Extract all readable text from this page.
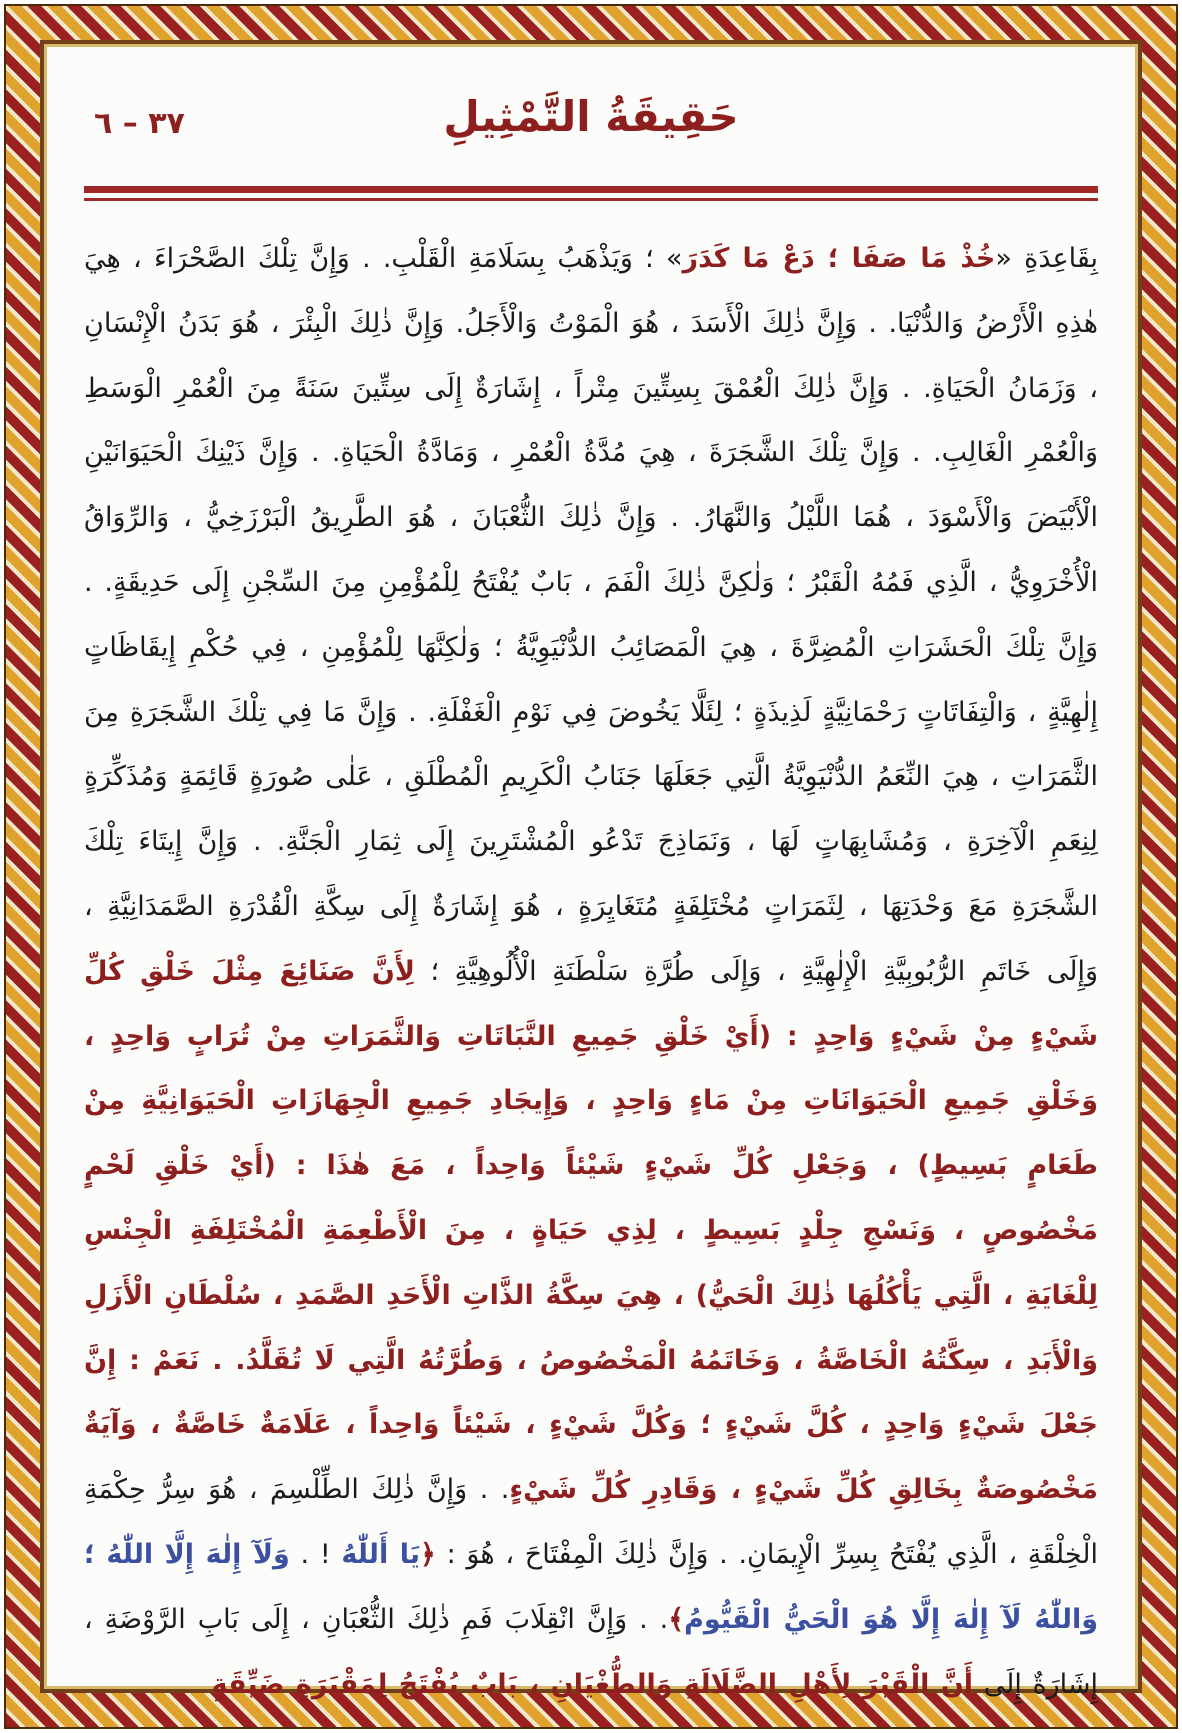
٣٧ – ٦	حَقِيقَةُ التَّمْثِيلِ
بِقَاعِدَةِ «خُذْ مَا صَفَا ؛ دَعْ مَا كَدَرَ» ؛ وَيَذْهَبُ بِسَلَامَةِ الْقَلْبِ. . وَإِنَّ تِلْكَ الصَّحْرَاءَ ، هِيَ هٰذِهِ الْأَرْضُ وَالدُّنْيَا. . وَإِنَّ ذٰلِكَ الْأَسَدَ ، هُوَ الْمَوْتُ وَالْأَجَلُ. وَإِنَّ ذٰلِكَ الْبِئْرَ ، هُوَ بَدَنُ الْإِنْسَانِ ، وَزَمَانُ الْحَيَاةِ. . وَإِنَّ ذٰلِكَ الْعُمْقَ بِسِتِّينَ مِتْراً ، إِشَارَةٌ إِلَى سِتِّينَ سَنَةً مِنَ الْعُمْرِ الْوَسَطِ وَالْعُمْرِ الْغَالِبِ. . وَإِنَّ تِلْكَ الشَّجَرَةَ ، هِيَ مُدَّةُ الْعُمْرِ ، وَمَادَّةُ الْحَيَاةِ. . وَإِنَّ ذَيْنِكَ الْحَيَوَانَيْنِ الْأَبْيَضَ وَالْأَسْوَدَ ، هُمَا اللَّيْلُ وَالنَّهَارُ. . وَإِنَّ ذٰلِكَ الثُّعْبَانَ ، هُوَ الطَّرِيقُ الْبَرْزَخِيُّ ، وَالرِّوَاقُ الْأُخْرَوِيُّ ، الَّذِي فَمُهُ الْقَبْرُ ؛ وَلٰكِنَّ ذٰلِكَ الْفَمَ ، بَابٌ يُفْتَحُ لِلْمُؤْمِنِ مِنَ السِّجْنِ إِلَى حَدِيقَةٍ. . وَإِنَّ تِلْكَ الْحَشَرَاتِ الْمُضِرَّةَ ، هِيَ الْمَصَائِبُ الدُّنْيَوِيَّةُ ؛ وَلٰكِنَّهَا لِلْمُؤْمِنِ ، فِي حُكْمِ إِيقَاظَاتٍ إِلٰهِيَّةٍ ، وَالْتِفَاتَاتٍ رَحْمَانِيَّةٍ لَذِيذَةٍ ؛ لِئَلَّا يَخُوضَ فِي نَوْمِ الْغَفْلَةِ. . وَإِنَّ مَا فِي تِلْكَ الشَّجَرَةِ مِنَ الثَّمَرَاتِ ، هِيَ النِّعَمُ الدُّنْيَوِيَّةُ الَّتِي جَعَلَهَا جَنَابُ الْكَرِيمِ الْمُطْلَقِ ، عَلٰى صُورَةٍ قَائِمَةٍ وَمُذَكِّرَةٍ لِنِعَمِ الْآخِرَةِ ، وَمُشَابِهَاتٍ لَهَا ، وَنَمَاذِجَ تَدْعُو الْمُشْتَرِينَ إِلَى ثِمَارِ الْجَنَّةِ. . وَإِنَّ إِيتَاءَ تِلْكَ الشَّجَرَةِ مَعَ وَحْدَتِهَا ، لِثَمَرَاتٍ مُخْتَلِفَةٍ مُتَغَايِرَةٍ ، هُوَ إِشَارَةٌ إِلَى سِكَّةِ الْقُدْرَةِ الصَّمَدَانِيَّةِ ، وَإِلَى خَاتَمِ الرُّبُوبِيَّةِ الْإِلٰهِيَّةِ ، وَإِلَى طُرَّةِ سَلْطَنَةِ الْأُلُوهِيَّةِ ؛ لِأَنَّ صَنَائِعَ مِثْلَ خَلْقِ كُلِّ شَيْءٍ مِنْ شَيْءٍ وَاحِدٍ : (أَيْ خَلْقِ جَمِيعِ النَّبَاتَاتِ وَالثَّمَرَاتِ مِنْ تُرَابٍ وَاحِدٍ ، وَخَلْقِ جَمِيعِ الْحَيَوَانَاتِ مِنْ مَاءٍ وَاحِدٍ ، وَإِيجَادِ جَمِيعِ الْجِهَازَاتِ الْحَيَوَانِيَّةِ مِنْ طَعَامٍ بَسِيطٍ) ، وَجَعْلِ كُلِّ شَيْءٍ شَيْئاً وَاحِداً ، مَعَ هٰذَا : (أَيْ خَلْقِ لَحْمٍ مَخْصُوصٍ ، وَنَسْجِ جِلْدٍ بَسِيطٍ ، لِذِي حَيَاةٍ ، مِنَ الْأَطْعِمَةِ الْمُخْتَلِفَةِ الْجِنْسِ لِلْغَايَةِ ، الَّتِي يَأْكُلُهَا ذٰلِكَ الْحَيُّ) ، هِيَ سِكَّةُ الذَّاتِ الْأَحَدِ الصَّمَدِ ، سُلْطَانِ الْأَزَلِ وَالْأَبَدِ ، سِكَّتُهُ الْخَاصَّةُ ، وَخَاتَمُهُ الْمَخْصُوصُ ، وَطُرَّتُهُ الَّتِي لَا تُقَلَّدُ. . نَعَمْ : إِنَّ جَعْلَ شَيْءٍ وَاحِدٍ ، كُلَّ شَيْءٍ ؛ وَكُلَّ شَيْءٍ ، شَيْئاً وَاحِداً ، عَلَامَةٌ خَاصَّةٌ ، وَآيَةٌ مَخْصُوصَةٌ بِخَالِقِ كُلِّ شَيْءٍ ، وَقَادِرِ كُلِّ شَيْءٍ. . وَإِنَّ ذٰلِكَ الطِّلْسِمَ ، هُوَ سِرُّ حِكْمَةِ الْخِلْقَةِ ، الَّذِي يُفْتَحُ بِسِرِّ الْإِيمَانِ. . وَإِنَّ ذٰلِكَ الْمِفْتَاحَ ، هُوَ : ﴿يَا أَللّٰهُ ! . وَلَآ إِلٰهَ إِلَّا اللّٰهُ ؛ وَاللّٰهُ لَآ إِلٰهَ إِلَّا هُوَ الْحَيُّ الْقَيُّومُ﴾. . وَإِنَّ انْقِلَابَ فَمِ ذٰلِكَ الثُّعْبَانِ ، إِلَى بَابِ الرَّوْضَةِ ، إِشَارَةٌ إِلَى أَنَّ الْقَبْرَ لِأَهْلِ الضَّلَالَةِ وَالطُّغْيَانِ ، بَابٌ يُفْتَحُ لِمَقْبَرَةٍ ضَيِّقَةٍ
